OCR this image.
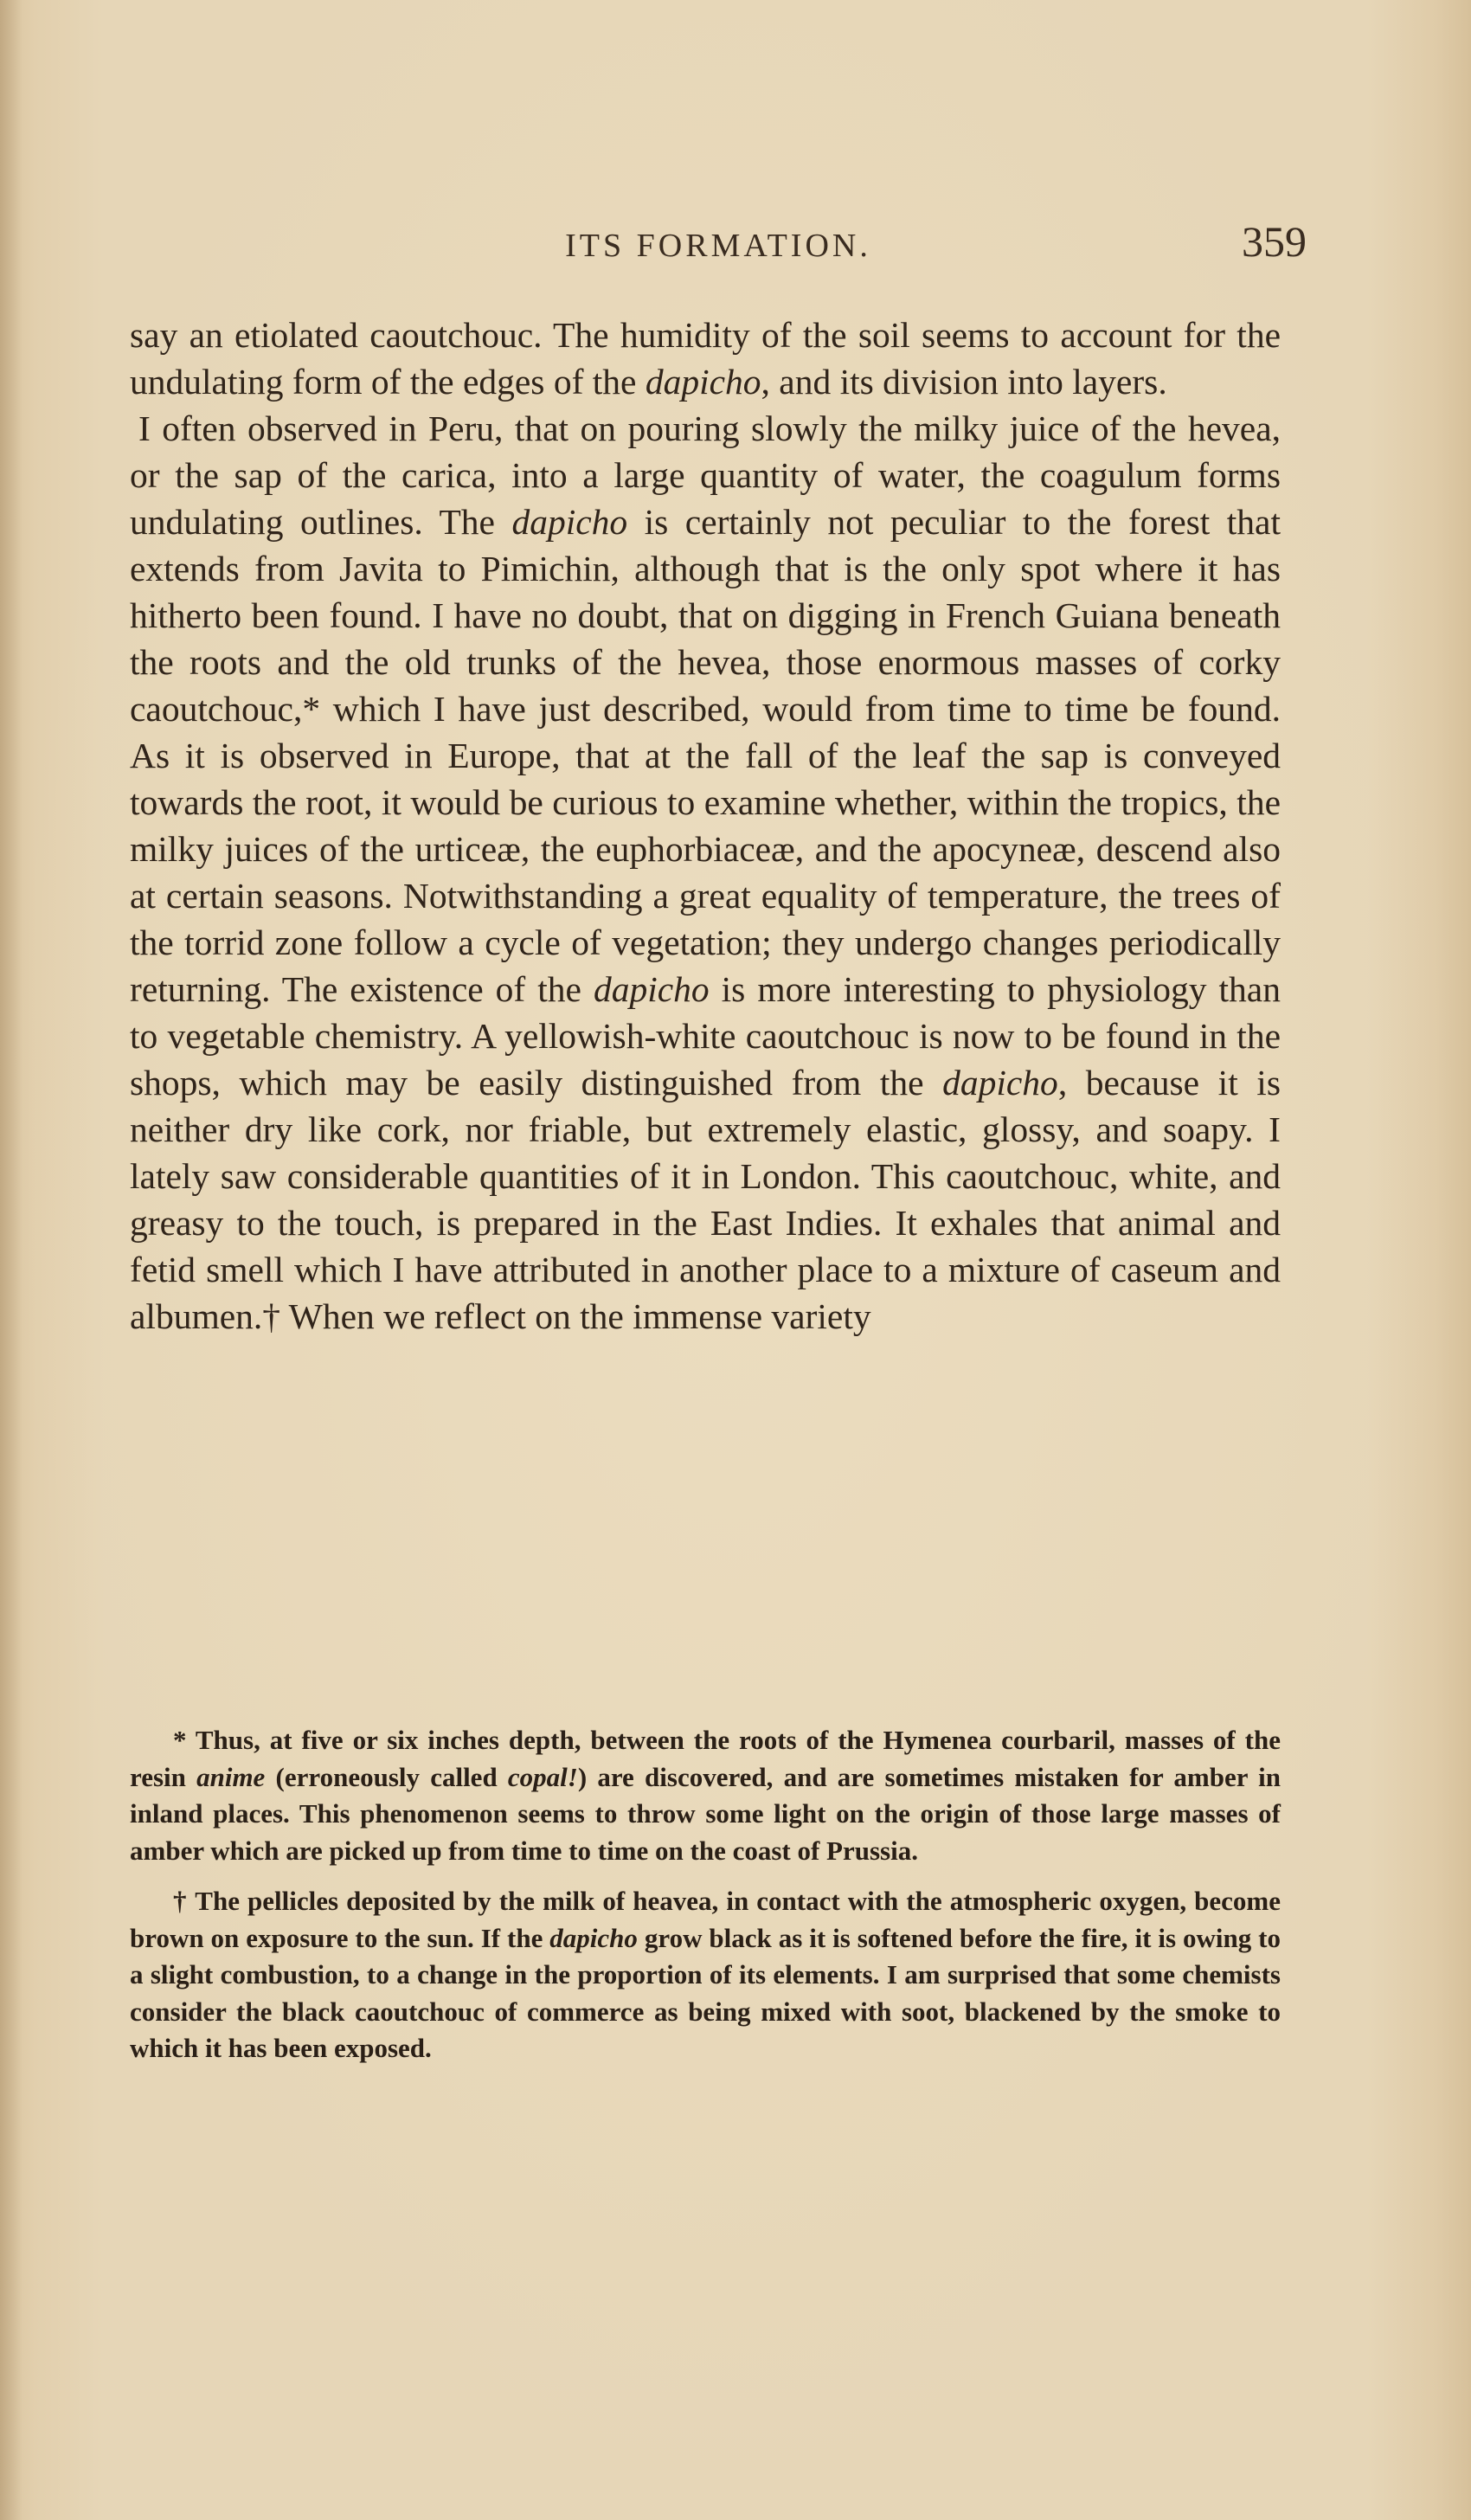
ITS FORMATION.	359

say an etiolated caoutchouc. The humidity of the soil seems to account for the undulating form of the edges of the dapicho, and its division into layers.

I often observed in Peru, that on pouring slowly the milky juice of the hevea, or the sap of the carica, into a large quantity of water, the coagulum forms undulating outlines. The dapicho is certainly not peculiar to the forest that extends from Javita to Pimichin, although that is the only spot where it has hitherto been found. I have no doubt, that on digging in French Guiana beneath the roots and the old trunks of the hevea, those enormous masses of corky caoutchouc,* which I have just described, would from time to time be found. As it is observed in Europe, that at the fall of the leaf the sap is conveyed towards the root, it would be curious to examine whether, within the tropics, the milky juices of the urticeæ, the euphorbiaceæ, and the apocyneæ, descend also at certain seasons. Notwithstanding a great equality of temperature, the trees of the torrid zone follow a cycle of vegetation; they undergo changes periodically returning. The existence of the dapicho is more interesting to physiology than to vegetable chemistry. A yellowish-white caoutchouc is now to be found in the shops, which may be easily distinguished from the dapicho, because it is neither dry like cork, nor friable, but extremely elastic, glossy, and soapy. I lately saw considerable quantities of it in London. This caoutchouc, white, and greasy to the touch, is prepared in the East Indies. It exhales that animal and fetid smell which I have attributed in another place to a mixture of caseum and albumen.† When we reflect on the immense variety

* Thus, at five or six inches depth, between the roots of the Hymenea courbaril, masses of the resin anime (erroneously called copal!) are discovered, and are sometimes mistaken for amber in inland places. This phenomenon seems to throw some light on the origin of those large masses of amber which are picked up from time to time on the coast of Prussia.

† The pellicles deposited by the milk of heavea, in contact with the atmospheric oxygen, become brown on exposure to the sun. If the dapicho grow black as it is softened before the fire, it is owing to a slight combustion, to a change in the proportion of its elements. I am surprised that some chemists consider the black caoutchouc of commerce as being mixed with soot, blackened by the smoke to which it has been exposed.
